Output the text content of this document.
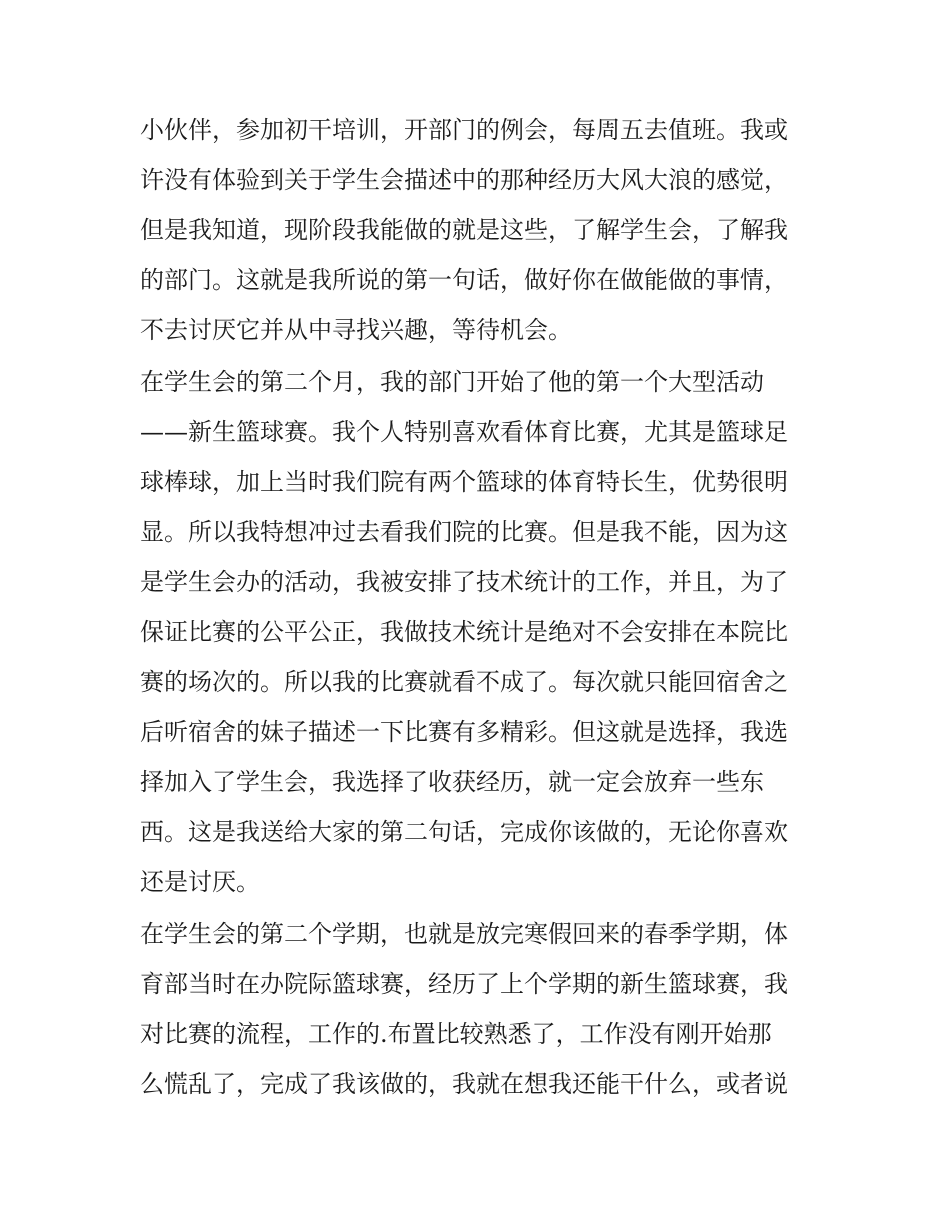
小伙伴，参加初干培训，开部门的例会，每周五去值班。我或

许没有体验到关于学生会描述中的那种经历大风大浪的感觉，

但是我知道，现阶段我能做的就是这些，了解学生会，了解我

的部门。这就是我所说的第一句话，做好你在做能做的事情，

不去讨厌它并从中寻找兴趣，等待机会。

在学生会的第二个月，我的部门开始了他的第一个大型活动

——新生篮球赛。我个人特别喜欢看体育比赛，尤其是篮球足

球棒球，加上当时我们院有两个篮球的体育特长生，优势很明

显。所以我特想冲过去看我们院的比赛。但是我不能，因为这

是学生会办的活动，我被安排了技术统计的工作，并且，为了

保证比赛的公平公正，我做技术统计是绝对不会安排在本院比

赛的场次的。所以我的比赛就看不成了。每次就只能回宿舍之

后听宿舍的妹子描述一下比赛有多精彩。但这就是选择，我选

择加入了学生会，我选择了收获经历，就一定会放弃一些东

西。这是我送给大家的第二句话，完成你该做的，无论你喜欢

还是讨厌。

在学生会的第二个学期，也就是放完寒假回来的春季学期，体

育部当时在办院际篮球赛，经历了上个学期的新生篮球赛，我

对比赛的流程，工作的.布置比较熟悉了，工作没有刚开始那

么慌乱了，完成了我该做的，我就在想我还能干什么，或者说
